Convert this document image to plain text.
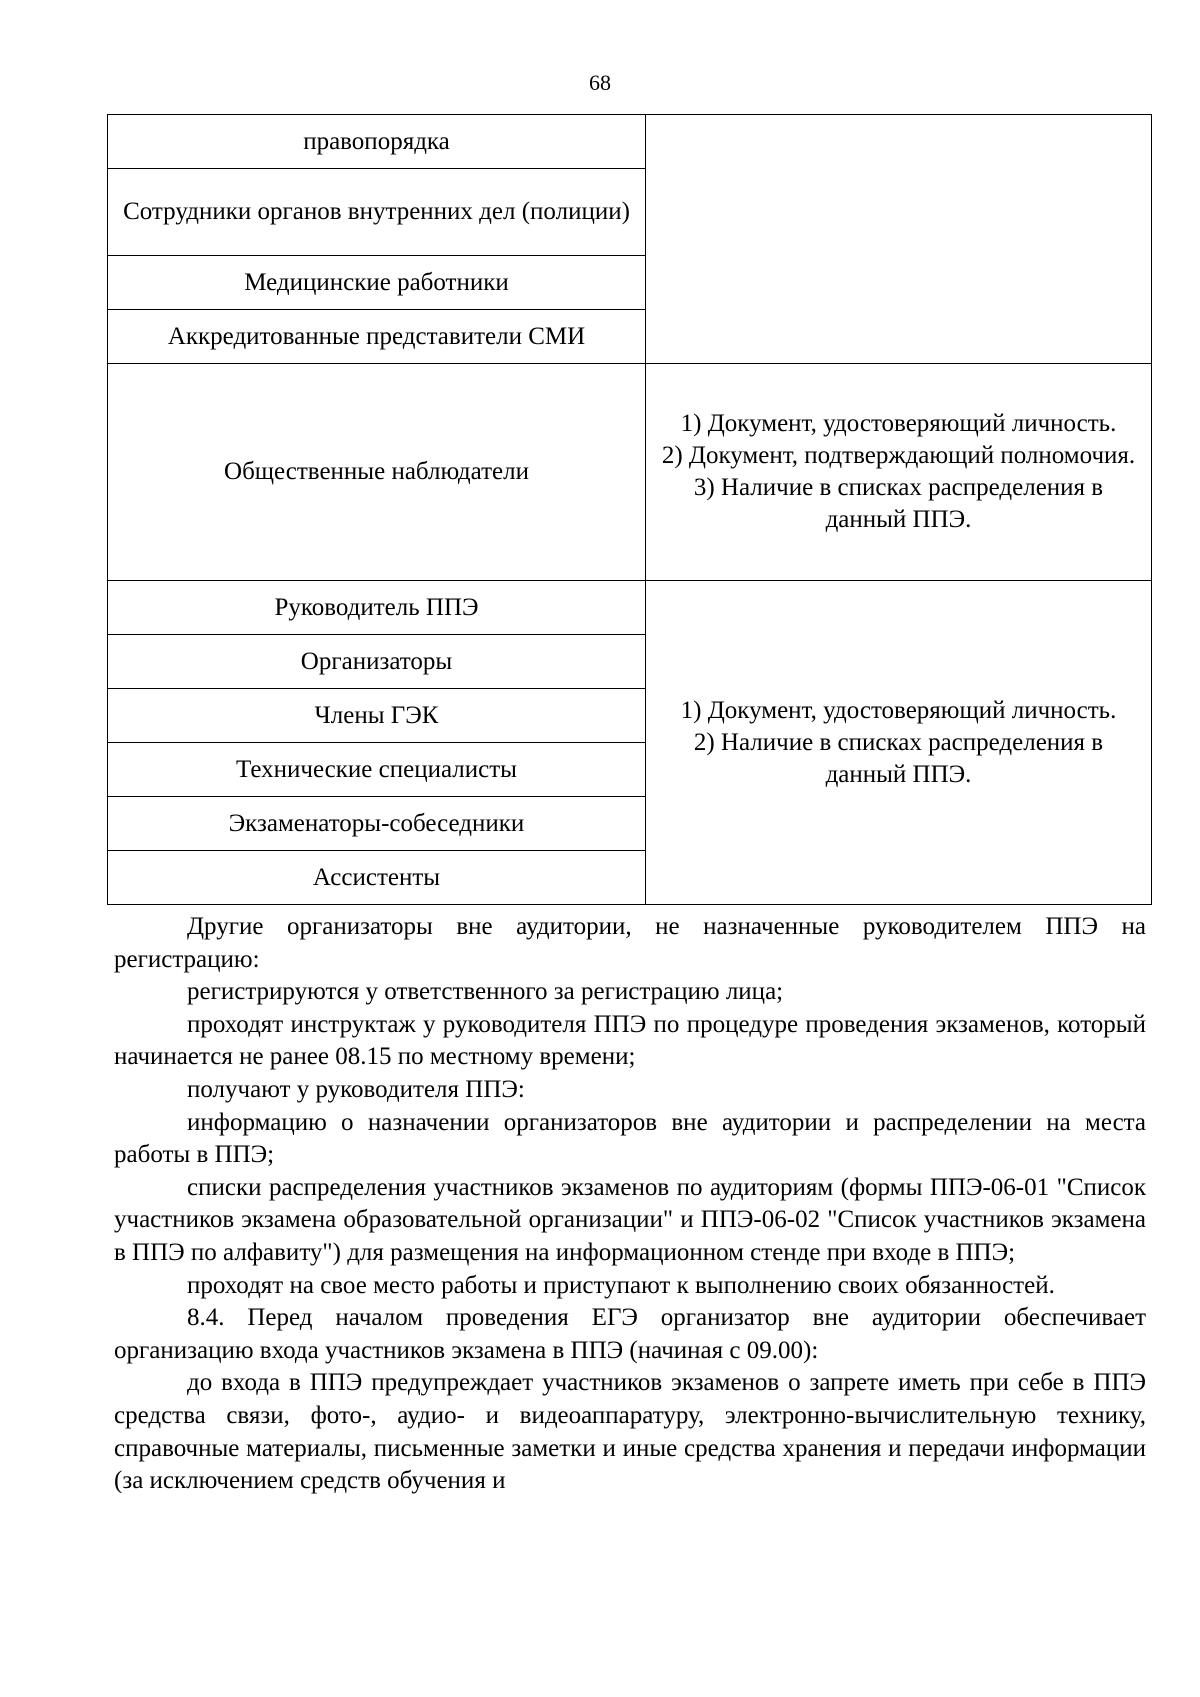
68
правопорядка	
Сотрудники органов внутренних дел (полиции)	
Медицинские работники	
Аккредитованные представители СМИ	
Общественные наблюдатели	1) Документ, удостоверяющий личность.
2) Документ, подтверждающий полномочия.
3) Наличие в списках распределения в данный ППЭ.

Руководитель ППЭ	1) Документ, удостоверяющий личность.
2) Наличие в списках распределения в данный ППЭ.

Организаторы	
Члены ГЭК	
Технические специалисты	
Экзаменаторы-собеседники	
Ассистенты	

Другие организаторы вне аудитории, не назначенные руководителем ППЭ на регистрацию:

регистрируются у ответственного за регистрацию лица;

проходят инструктаж у руководителя ППЭ по процедуре проведения экзаменов, который начинается не ранее 08.15 по местному времени;

получают у руководителя ППЭ:

информацию о назначении организаторов вне аудитории и распределении на места работы в ППЭ;

списки распределения участников экзаменов по аудиториям (формы ППЭ-06-01 "Список участников экзамена образовательной организации" и ППЭ-06-02 "Список участников экзамена в ППЭ по алфавиту") для размещения на информационном стенде при входе в ППЭ;

проходят на свое место работы и приступают к выполнению своих обязанностей.

8.4. Перед началом проведения ЕГЭ организатор вне аудитории обеспечивает организацию входа участников экзамена в ППЭ (начиная с 09.00):

до входа в ППЭ предупреждает участников экзаменов о запрете иметь при себе в ППЭ средства связи, фото-, аудио- и видеоаппаратуру, электронно-вычислительную технику, справочные материалы, письменные заметки и иные средства хранения и передачи информации (за исключением средств обучения и
